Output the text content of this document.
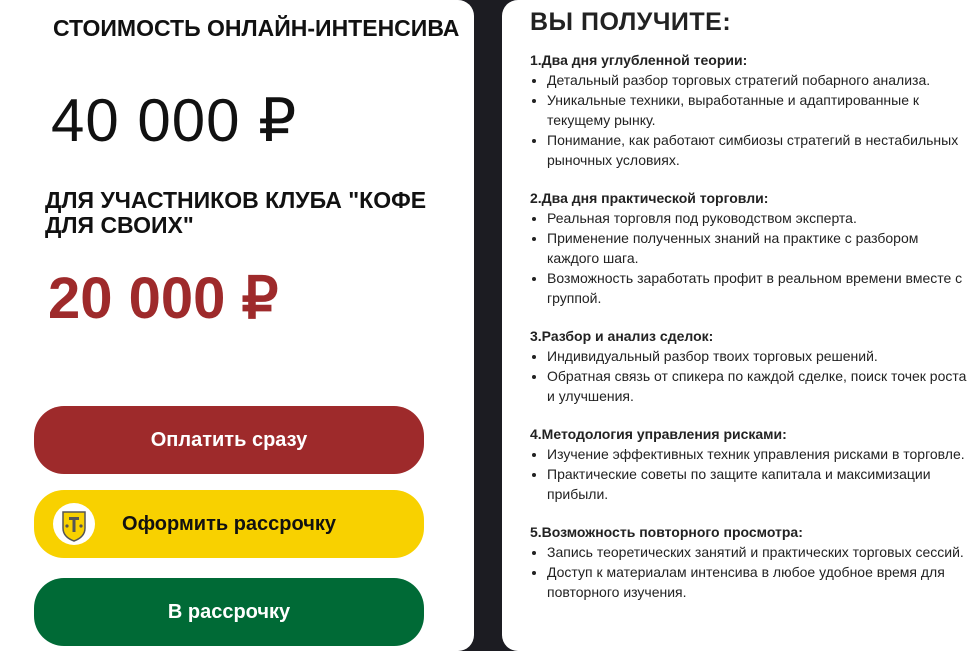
СТОИМОСТЬ ОНЛАЙН-ИНТЕНСИВА
40 000 ₽
ДЛЯ УЧАСТНИКОВ КЛУБА "КОФЕ ДЛЯ СВОИХ"
20 000 ₽
Оплатить сразу
Оформить рассрочку
В рассрочку
ВЫ ПОЛУЧИТЕ:

1.Два дня углубленной теории:

• Детальный разбор торговых стратегий побарного анализа.
• Уникальные техники, выработанные и адаптированные к текущему рынку.
• Понимание, как работают симбиозы стратегий в нестабильных рыночных условиях.

2.Два дня практической торговли:

• Реальная торговля под руководством эксперта.
• Применение полученных знаний на практике с разбором каждого шага.
• Возможность заработать профит в реальном времени вместе с группой.

3.Разбор и анализ сделок:

• Индивидуальный разбор твоих торговых решений.
• Обратная связь от спикера по каждой сделке, поиск точек роста и улучшения.

4.Методология управления рисками:

• Изучение эффективных техник управления рисками в торговле.
• Практические советы по защите капитала и максимизации прибыли.

5.Возможность повторного просмотра:

• Запись теоретических занятий и практических торговых сессий.
• Доступ к материалам интенсива в любое удобное время для повторного изучения.
